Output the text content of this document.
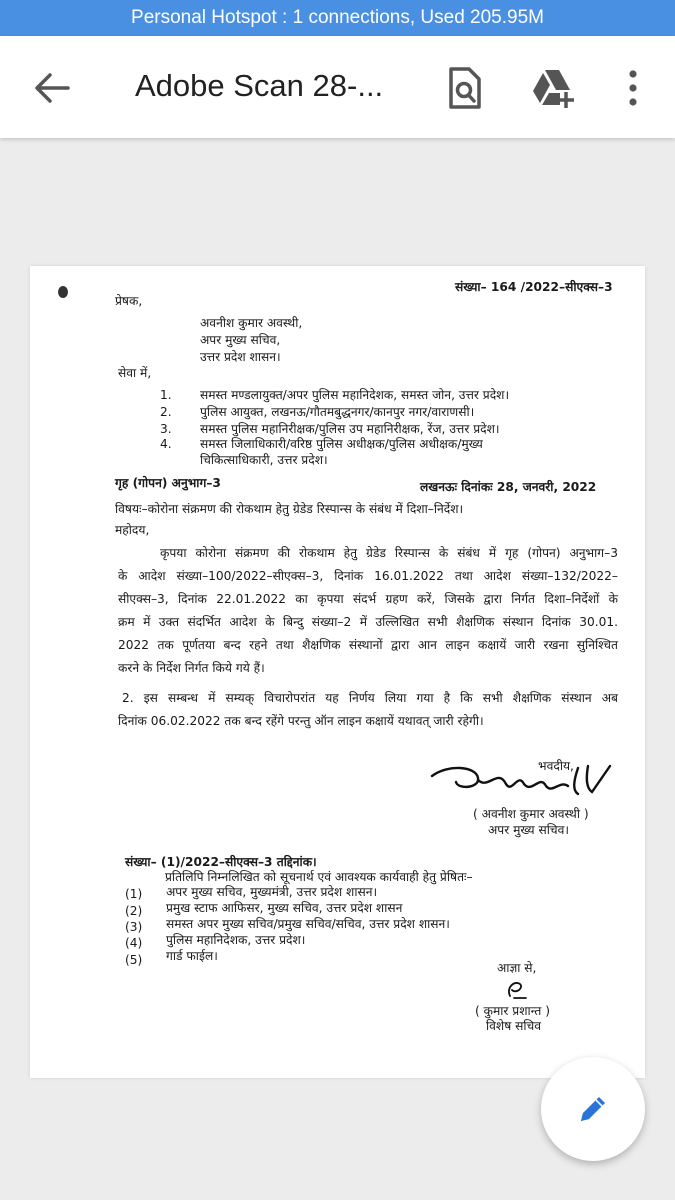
Personal Hotspot : 1 connections, Used 205.95M
Adobe Scan 28-...
संख्या– 164 /2022–सीएक्स–3
प्रेषक,
अवनीश कुमार अवस्थी,
अपर मुख्य सचिव,
उत्तर प्रदेश शासन।
सेवा में,
1. समस्त मण्डलायुक्त/अपर पुलिस महानिदेशक, समस्त जोन, उत्तर प्रदेश।
2. पुलिस आयुक्त, लखनऊ/गौतमबुद्धनगर/कानपुर नगर/वाराणसी।
3. समस्त पुलिस महानिरीक्षक/पुलिस उप महानिरीक्षक, रेंज, उत्तर प्रदेश।
4. समस्त जिलाधिकारी/वरिष्ठ पुलिस अधीक्षक/पुलिस अधीक्षक/मुख्य
चिकित्साधिकारी, उत्तर प्रदेश।
गृह (गोपन) अनुभाग–3	लखनऊः दिनांकः 28, जनवरी, 2022
विषयः–कोरोना संक्रमण की रोकथाम हेतु ग्रेडेड रिस्पान्स के संबंध में दिशा–निर्देश।
महोदय,
कृपया कोरोना संक्रमण की रोकथाम हेतु ग्रेडेड रिस्पान्स के संबंध में गृह (गोपन) अनुभाग–3
के आदेश संख्या–100/2022–सीएक्स–3, दिनांक 16.01.2022 तथा आदेश संख्या–132/2022–
सीएक्स–3, दिनांक 22.01.2022 का कृपया संदर्भ ग्रहण करें, जिसके द्वारा निर्गत दिशा–निर्देशों के
क्रम में उक्त संदर्भित आदेश के बिन्दु संख्या–2 में उल्लिखित सभी शैक्षणिक संस्थान दिनांक 30.01.
2022 तक पूर्णतया बन्द रहने तथा शैक्षणिक संस्थानों द्वारा आन लाइन कक्षायें जारी रखना सुनिश्चित
करने के निर्देश निर्गत किये गये हैं।
2. इस सम्बन्ध में सम्यक् विचारोपरांत यह निर्णय लिया गया है कि सभी शैक्षणिक संस्थान अब
दिनांक 06.02.2022 तक बन्द रहेंगे परन्तु ऑन लाइन कक्षायें यथावत् जारी रहेगी।
भवदीय,
( अवनीश कुमार अवस्थी )
अपर मुख्य सचिव।
संख्या– (1)/2022–सीएक्स–3 तद्दिनांक।
प्रतिलिपि निम्नलिखित को सूचनार्थ एवं आवश्यक कार्यवाही हेतु प्रेषितः–
(1) अपर मुख्य सचिव, मुख्यमंत्री, उत्तर प्रदेश शासन।
(2) प्रमुख स्टाफ आफिसर, मुख्य सचिव, उत्तर प्रदेश शासन
(3) समस्त अपर मुख्य सचिव/प्रमुख सचिव/सचिव, उत्तर प्रदेश शासन।
(4) पुलिस महानिदेशक, उत्तर प्रदेश।
(5) गार्ड फाईल।
आज्ञा से,
( कुमार प्रशान्त )
विशेष सचिव
